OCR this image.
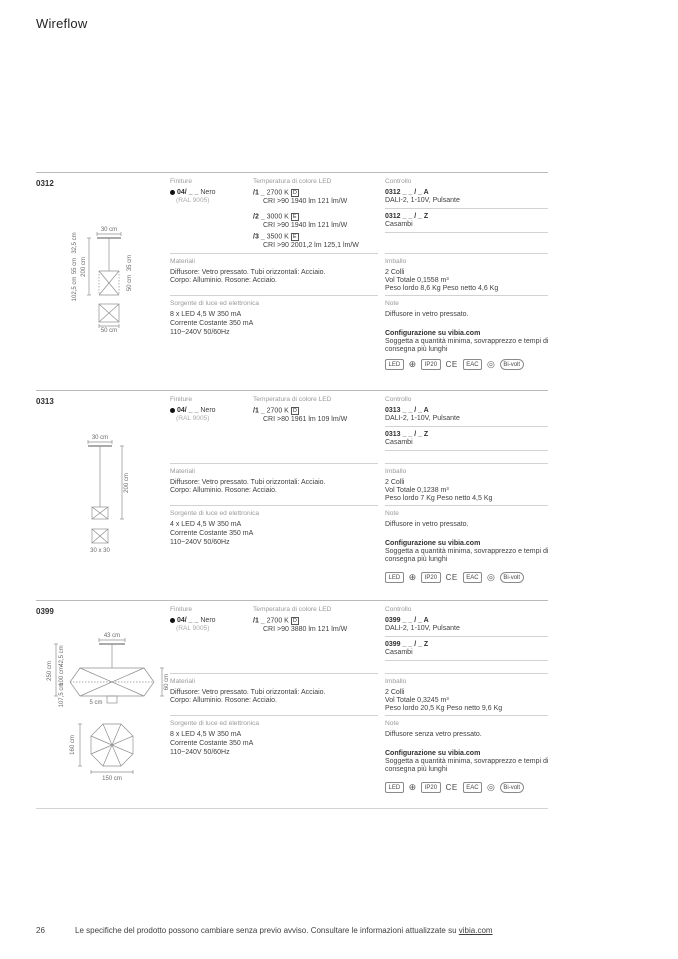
Wireflow
0312
30 cm
200 cm
32,5 cm
55 cm
102,5 cm
35 cm
50 cm
50 cm
Finiture	Temperatura di colore LED	Controllo
04/ _ _ Nero
(RAL 9005)
/1 _ 2700 K D
CRI >90 1940 lm 121 lm/W
/2 _ 3000 K E
CRI >90 1940 lm 121 lm/W
/3 _ 3500 K E
CRI >90 2001,2 lm 125,1 lm/W
0312 _ _ / _ A
DALI-2, 1-10V, Pulsante
0312 _ _ / _ Z
Casambi
Materiali
Diffusore: Vetro pressato. Tubi orizzontali: Acciaio.
Corpo: Alluminio. Rosone: Acciaio.
Sorgente di luce ed elettronica
8 x LED 4,5 W 350 mA
Corrente Costante 350 mA
110~240V 50/60Hz
Imballo
2 Colli
Vol Totale 0,1558 m³
Peso lordo 8,6 Kg Peso netto 4,6 Kg
Note
Diffusore in vetro pressato.
Configurazione su vibia.com
Soggetta a quantità minima, sovrapprezzo e tempi di consegna più lunghi
LED ⊕	IP20	CE	EAC ◎	Bi-volt
0313
30 cm
200 cm
30 x 30
Finiture	Temperatura di colore LED	Controllo
04/ _ _ Nero
(RAL 9005)
/1 _ 2700 K D
CRI >80 1961 lm 109 lm/W
0313 _ _ / _ A
DALI-2, 1-10V, Pulsante
0313 _ _ / _ Z
Casambi
Materiali
Diffusore: Vetro pressato. Tubi orizzontali: Acciaio.
Corpo: Alluminio. Rosone: Acciaio.
Sorgente di luce ed elettronica
4 x LED 4,5 W 350 mA
Corrente Costante 350 mA
110~240V 50/60Hz
Imballo
2 Colli
Vol Totale 0,1238 m³
Peso lordo 7 Kg Peso netto 4,5 Kg
Note
Diffusore in vetro pressato.
Configurazione su vibia.com
Soggetta a quantità minima, sovrapprezzo e tempi di consegna più lunghi
LED ⊕	IP20	CE	EAC ◎	Bi-volt
0399
43 cm
250 cm
42,5 cm
100 cm
107,5 cm
60 cm
5 cm
160 cm
150 cm
Finiture	Temperatura di colore LED	Controllo
04/ _ _ Nero
(RAL 9005)
/1 _ 2700 K D
CRI >90 3880 lm 121 lm/W
0399 _ _ / _ A
DALI-2, 1-10V, Pulsante
0399 _ _ / _ Z
Casambi
Materiali
Diffusore: Vetro pressato. Tubi orizzontali: Acciaio.
Corpo: Alluminio. Rosone: Acciaio.
Sorgente di luce ed elettronica
8 x LED 4,5 W 350 mA
Corrente Costante 350 mA
110~240V 50/60Hz
Imballo
2 Colli
Vol Totale 0,3245 m³
Peso lordo 20,5 Kg Peso netto 9,6 Kg
Note
Diffusore senza vetro pressato.
Configurazione su vibia.com
Soggetta a quantità minima, sovrapprezzo e tempi di consegna più lunghi
LED ⊕	IP20	CE	EAC ◎	Bi-volt
26	Le specifiche del prodotto possono cambiare senza previo avviso. Consultare le informazioni attualizzate su vibia.com
